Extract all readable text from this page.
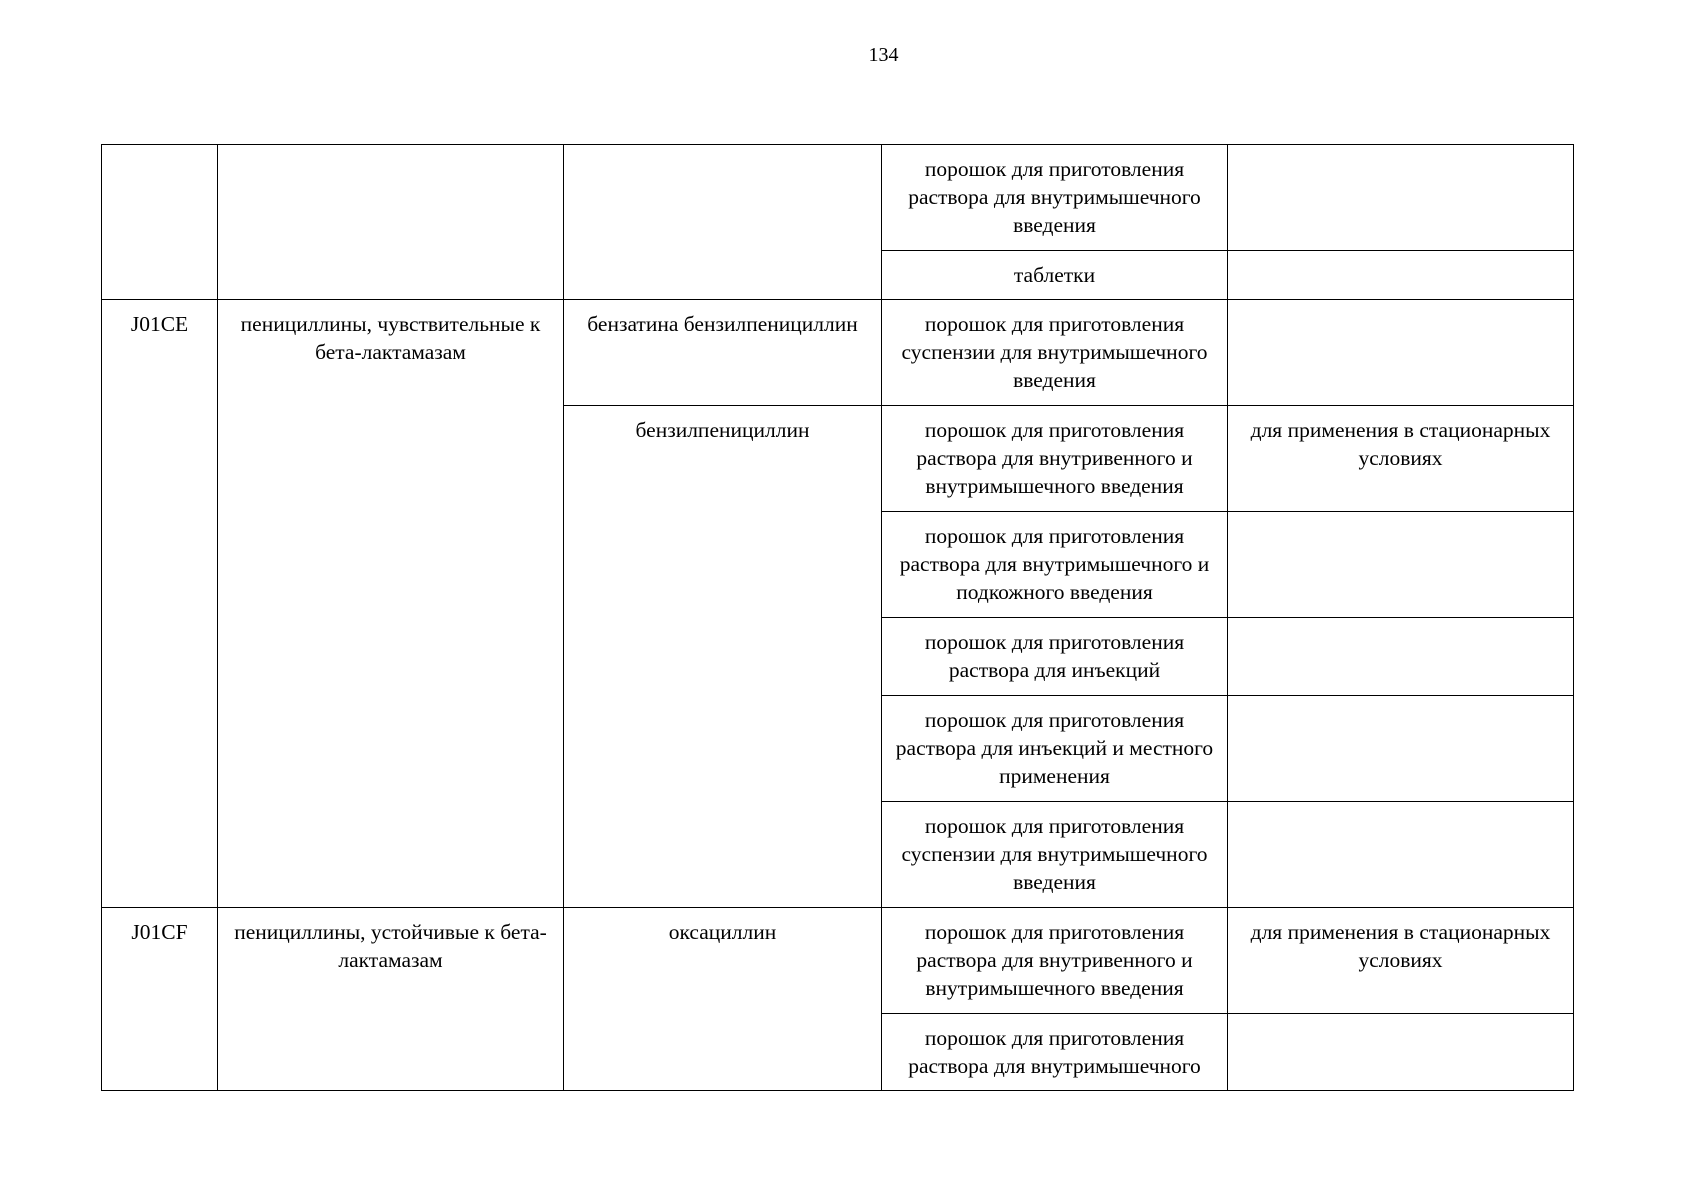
134

			порошок для приготовления раствора для внутримышечного введения	

			таблетки	

J01CE	пенициллины, чувствительные к бета-лактамазам	бензатина бензилпенициллин	порошок для приготовления суспензии для внутримышечного введения	

		бензилпенициллин	порошок для приготовления раствора для внутривенного и внутримышечного введения	для применения в стационарных условиях

			порошок для приготовления раствора для внутримышечного и подкожного введения	

			порошок для приготовления раствора для инъекций	

			порошок для приготовления раствора для инъекций и местного применения	

			порошок для приготовления суспензии для внутримышечного введения	

J01CF	пенициллины, устойчивые к бета-лактамазам	оксациллин	порошок для приготовления раствора для внутривенного и внутримышечного введения	для применения в стационарных условиях

			порошок для приготовления раствора для внутримышечного	
